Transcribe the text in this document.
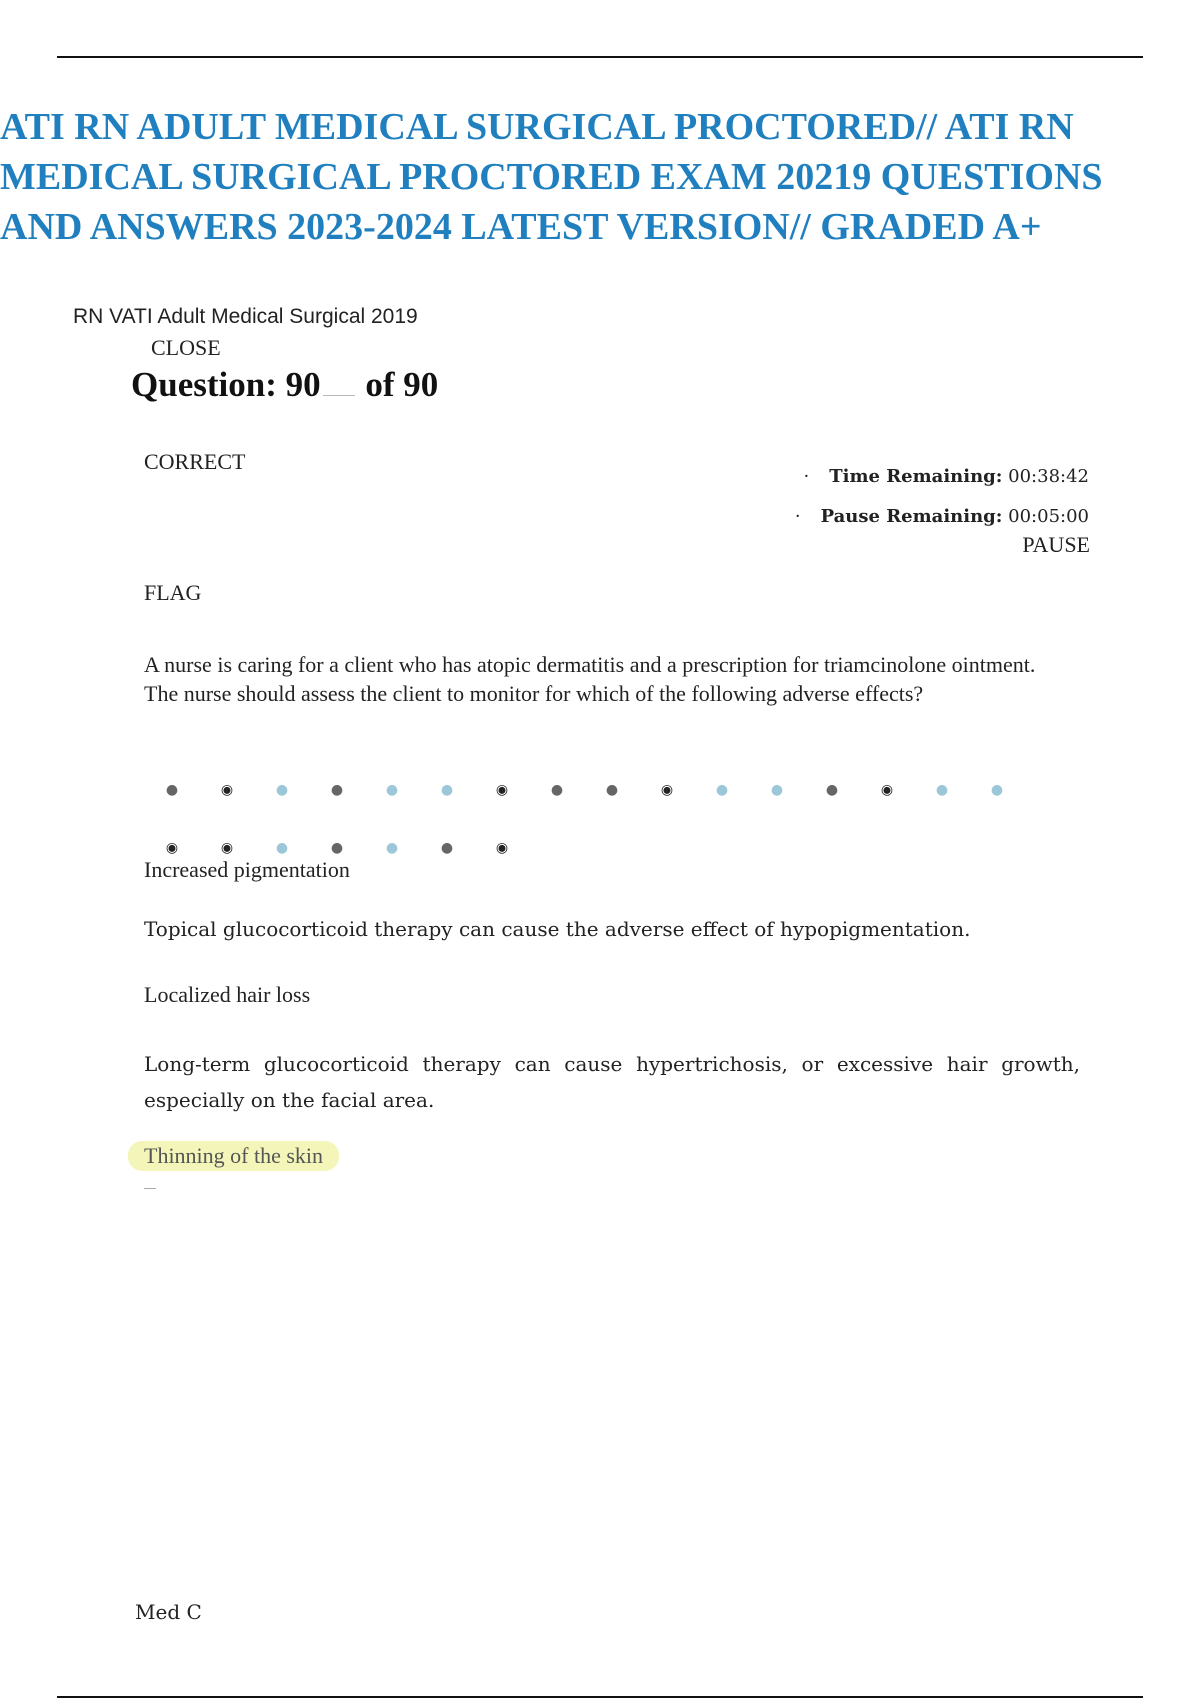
ATI RN ADULT MEDICAL SURGICAL PROCTORED// ATI RN MEDICAL SURGICAL PROCTORED EXAM 20219 QUESTIONS AND ANSWERS 2023-2024 LATEST VERSION// GRADED A+
RN VATI Adult Medical Surgical 2019
CLOSE
Question: 90 of 90
CORRECT
· Time Remaining: 00:38:42
· Pause Remaining: 00:05:00
PAUSE
FLAG

A nurse is caring for a client who has atopic dermatitis and a prescription for triamcinolone ointment. The nurse should assess the client to monitor for which of the following adverse effects?

●	◉	●	●	●	●	◉	●	●	◉	●	●	●	◉	●	●
◉	◉	●	●	●	●	◉
Increased pigmentation
Topical glucocorticoid therapy can cause the adverse effect of hypopigmentation.
Localized hair loss

Long-term glucocorticoid therapy can cause hypertrichosis, or excessive hair growth, especially on the facial area.

Thinning of the skin
Med C
